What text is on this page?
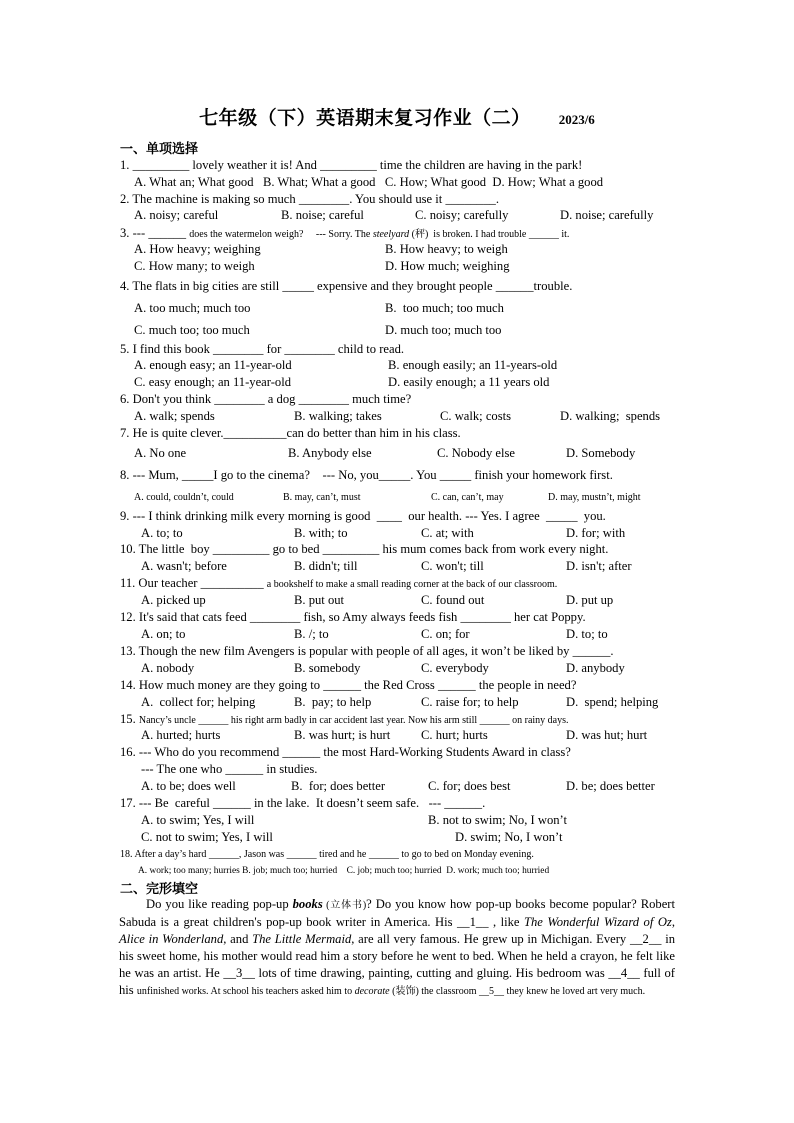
七年级（下）英语期末复习作业（二） 2023/6
一、单项选择
1. _________ lovely weather it is! And _________ time the children are having in the park!
A. What an; What good   B. What; What a good   C. How; What good  D. How; What a good
2. The machine is making so much ________. You should use it ________.
A. noisy; careful	B. noise; careful	C. noisy; carefully	D. noise; carefully
3. --- ______ does the watermelon weigh?     --- Sorry. The steelyard (秤)  is broken. I had trouble ______ it.
A. How heavy; weighing	B. How heavy; to weigh
C. How many; to weigh	D. How much; weighing
4. The flats in big cities are still _____ expensive and they brought people ______trouble.
A. too much; much too	B.  too much; too much
C. much too; too much	D. much too; much too
5. I find this book ________ for ________ child to read.
A. enough easy; an 11-year-old	B. enough easily; an 11-years-old
C. easy enough; an 11-year-old	D. easily enough; a 11 years old
6. Don't you think ________ a dog ________ much time?
A. walk; spends	B. walking; takes	C. walk; costs	D. walking;  spends
7. He is quite clever.__________can do better than him in his class.
A. No one	B. Anybody else	C. Nobody else	D. Somebody
8. --- Mum, _____I go to the cinema?    --- No, you_____. You _____ finish your homework first.
A. could, couldn’t, could	B. may, can’t, must	C. can, can’t, may	D. may, mustn’t, might
9. --- I think drinking milk every morning is good  ____  our health. --- Yes. I agree  _____  you.
A. to; to	B. with; to	C. at; with	D. for; with
10. The little  boy _________ go to bed _________ his mum comes back from work every night.
A. wasn't; before	B. didn't; till	C. won't; till	D. isn't; after
11. Our teacher __________ a bookshelf to make a small reading corner at the back of our classroom.
A. picked up	B. put out	C. found out	D. put up
12. It's said that cats feed ________ fish, so Amy always feeds fish ________ her cat Poppy.
A. on; to	B. /; to	C. on; for	D. to; to
13. Though the new film Avengers is popular with people of all ages, it won’t be liked by ______.
A. nobody	B. somebody	C. everybody	D. anybody
14. How much money are they going to ______ the Red Cross ______ the people in need?
A.  collect for; helping	B.  pay; to help	C. raise for; to help	D.  spend; helping
15. Nancy’s uncle ______ his right arm badly in car accident last year. Now his arm still ______ on rainy days.
A. hurted; hurts	B. was hurt; is hurt C. hurt; hurts	D. was hut; hurt
16. --- Who do you recommend ______ the most Hard-Working Students Award in class?
--- The one who ______ in studies.
A. to be; does well	B.  for; does better	C. for; does best	D. be; does better
17. --- Be  careful ______ in the lake.  It doesn’t seem safe.   --- ______.
A. to swim; Yes, I will	B. not to swim; No, I won’t
C. not to swim; Yes, I will	D. swim; No, I won’t
18. After a day’s hard ______, Jason was ______ tired and he ______ to go to bed on Monday evening.
A. work; too many; hurries B. job; much too; hurried    C. job; much too; hurried  D. work; much too; hurried
二、完形填空
Do you like reading pop-up books (立体书)? Do you know how pop-up books become popular? Robert Sabuda is a great children's pop-up book writer in America. His __1__ , like The Wonderful Wizard of Oz, Alice in Wonderland, and The Little Mermaid, are all very famous. He grew up in Michigan. Every __2__ in his sweet home, his mother would read him a story before he went to bed. When he held a crayon, he felt like he was an artist. He __3__ lots of time drawing, painting, cutting and gluing. His bedroom was __4__ full of his unfinished works. At school his teachers asked him to decorate (装饰) the classroom __5__ they knew he loved art very much.
